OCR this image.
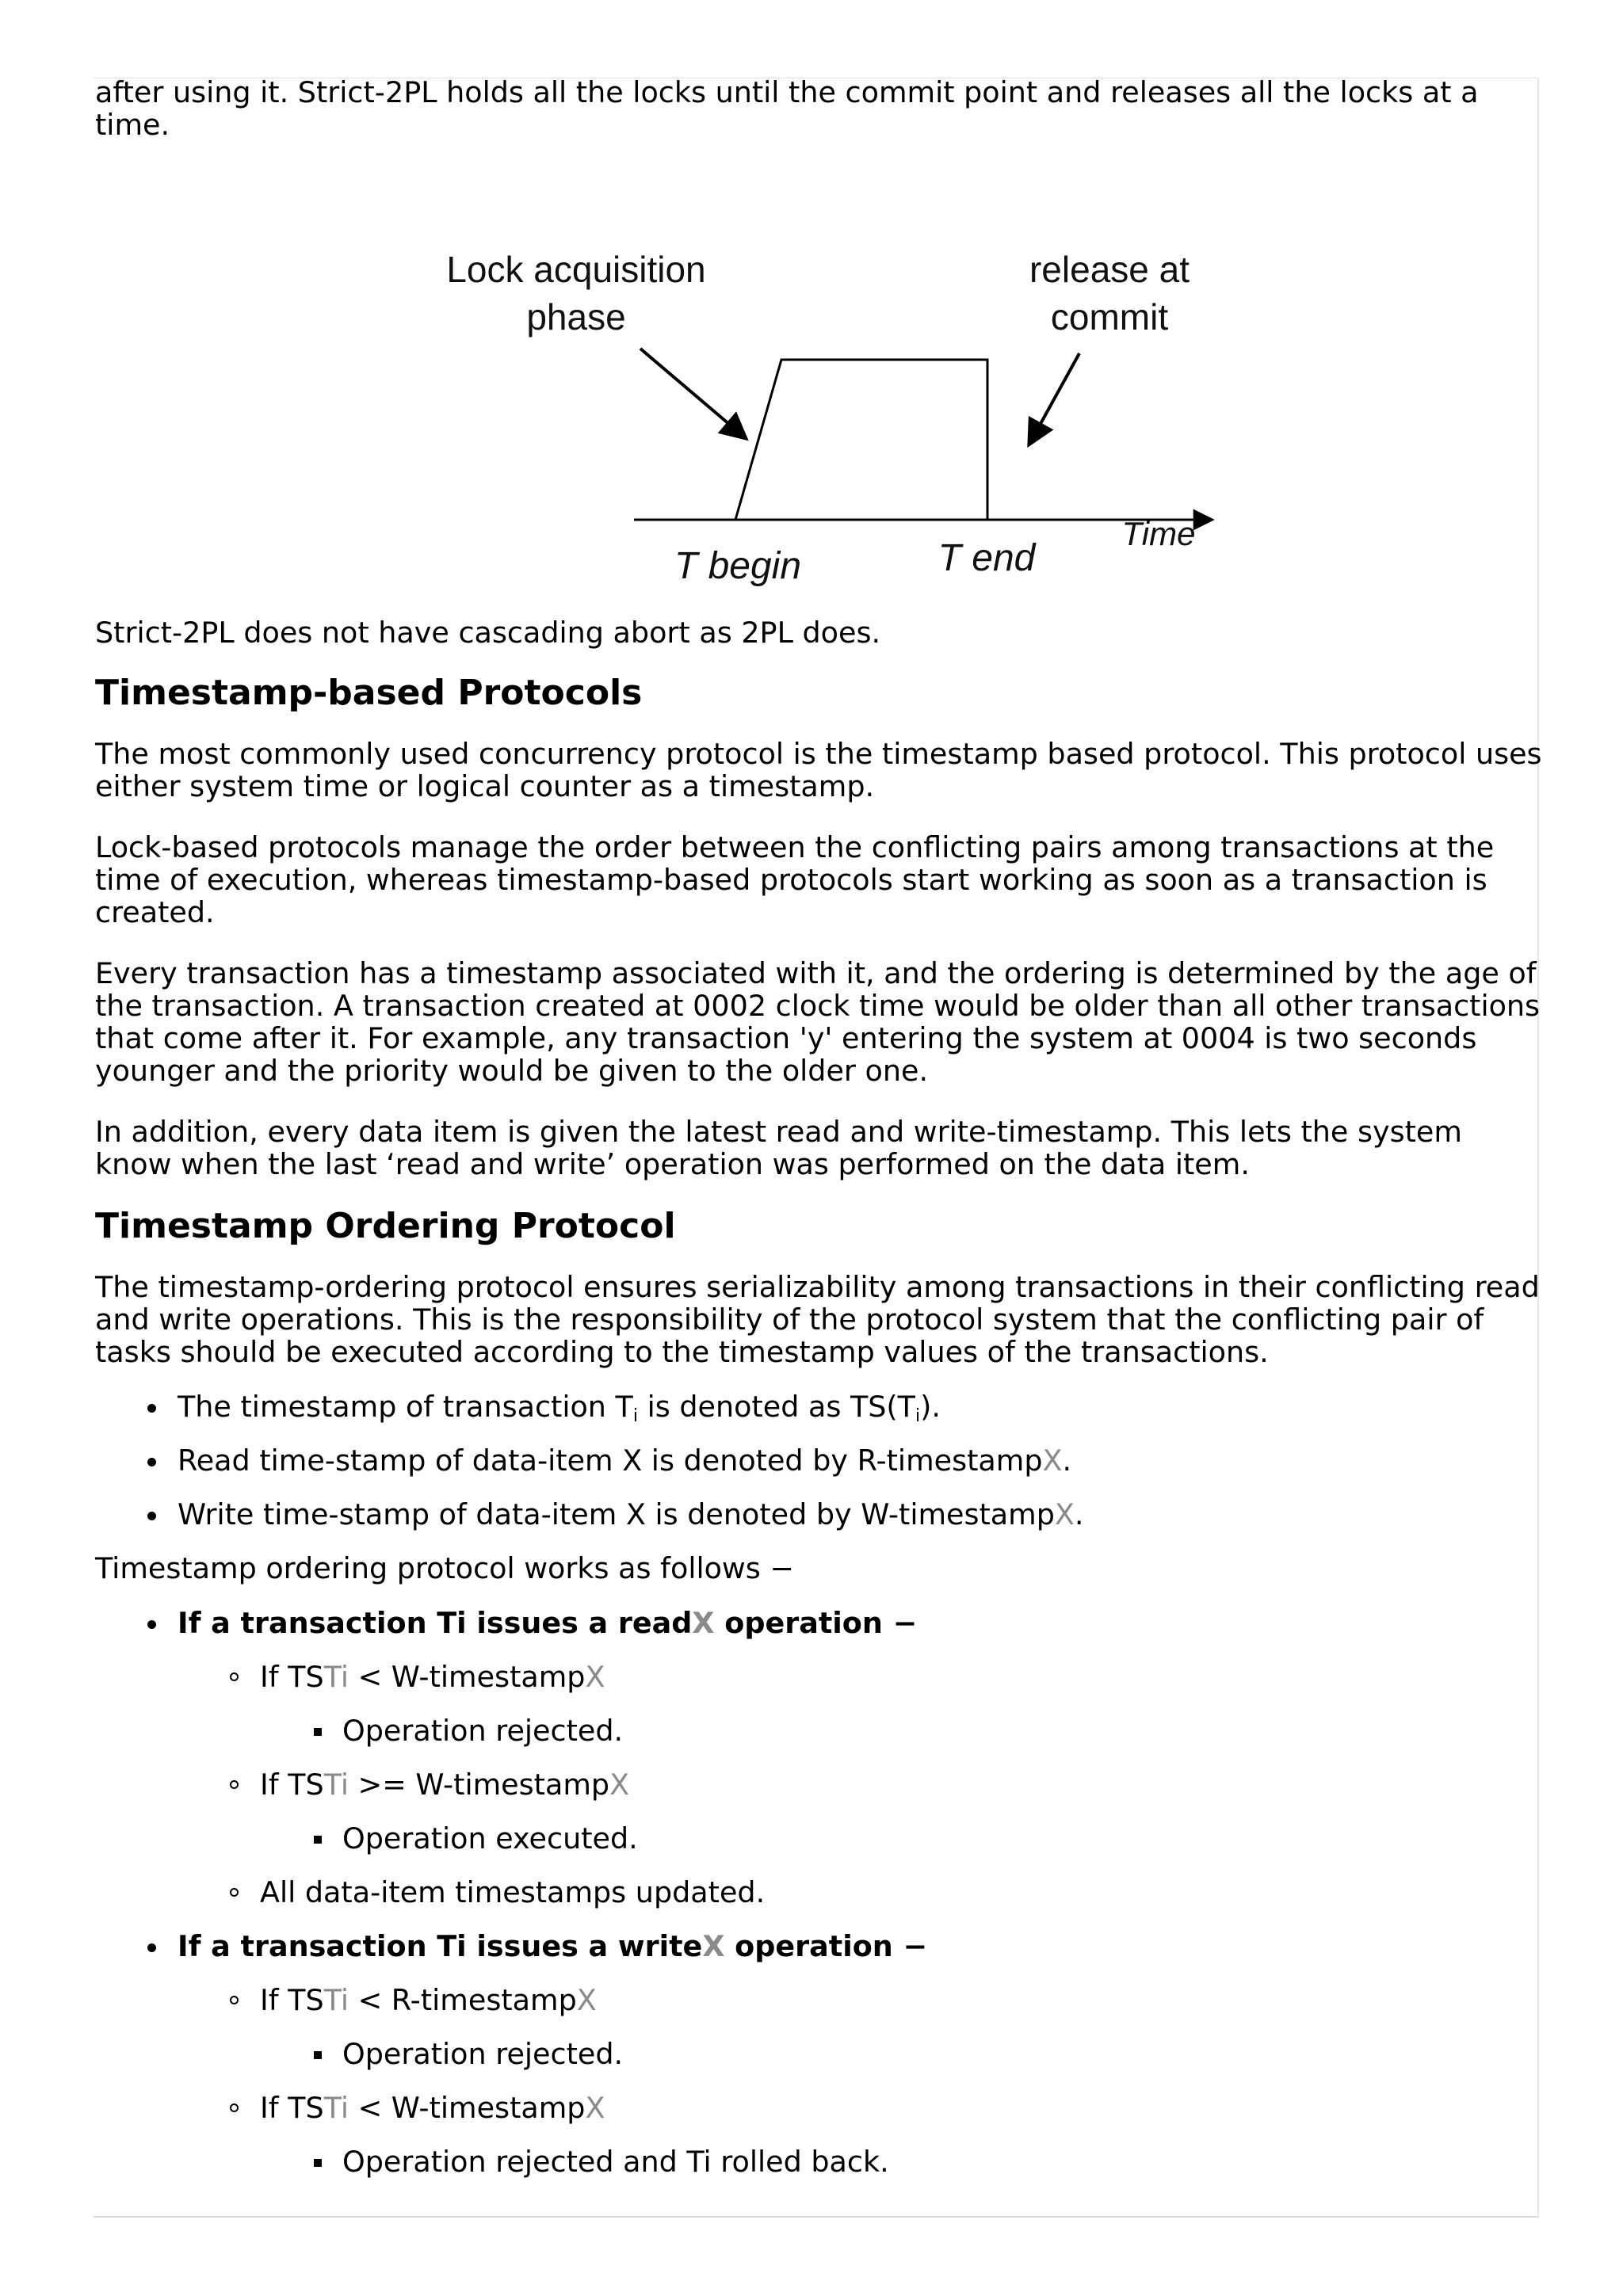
after using it. Strict-2PL holds all the locks until the commit point and releases all the locks at a time.

Lock acquisition
phase
release at
commit
Time
T begin	T end

Strict-2PL does not have cascading abort as 2PL does.

Timestamp-based Protocols

The most commonly used concurrency protocol is the timestamp based protocol. This protocol uses either system time or logical counter as a timestamp.

Lock-based protocols manage the order between the conflicting pairs among transactions at the time of execution, whereas timestamp-based protocols start working as soon as a transaction is created.

Every transaction has a timestamp associated with it, and the ordering is determined by the age of the transaction. A transaction created at 0002 clock time would be older than all other transactions that come after it. For example, any transaction 'y' entering the system at 0004 is two seconds younger and the priority would be given to the older one.

In addition, every data item is given the latest read and write-timestamp. This lets the system know when the last ‘read and write’ operation was performed on the data item.

Timestamp Ordering Protocol

The timestamp-ordering protocol ensures serializability among transactions in their conflicting read and write operations. This is the responsibility of the protocol system that the conflicting pair of tasks should be executed according to the timestamp values of the transactions.

The timestamp of transaction $T_i$ is denoted as $TS(T_i)$.
Read time-stamp of data-item X is denoted by R-timestampX.
Write time-stamp of data-item X is denoted by W-timestampX.

Timestamp ordering protocol works as follows −

If a transaction Ti issues a readX operation −
If TSTi < W-timestampX
Operation rejected.
If TSTi >= W-timestampX
Operation executed.
All data-item timestamps updated.
If a transaction Ti issues a writeX operation −
If TSTi < R-timestampX
Operation rejected.
If TSTi < W-timestampX
Operation rejected and Ti rolled back.
